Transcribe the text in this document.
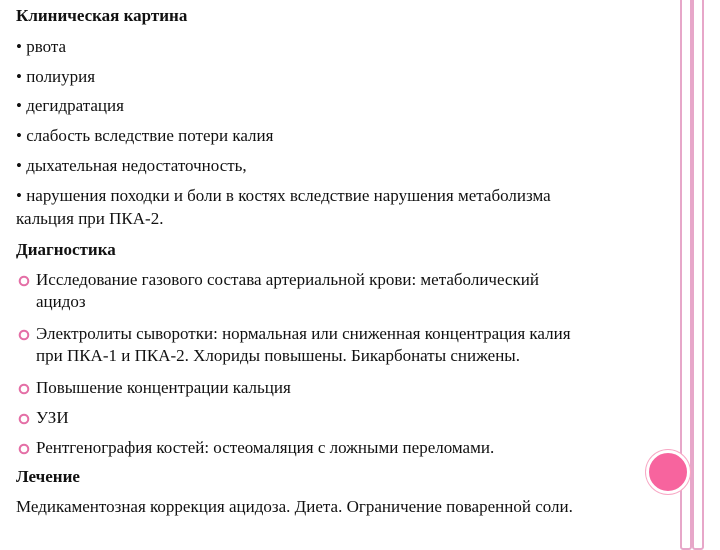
Клиническая картина
• рвота
• полиурия
• дегидратация
• слабость вследствие потери калия
• дыхательная недостаточность,
• нарушения походки и боли в костях вследствие нарушения метаболизма
кальция при ПКА-2.
Диагностика
Исследование газового состава артериальной крови: метаболический
ацидоз
Электролиты сыворотки: нормальная или сниженная концентрация калия
при ПКА-1 и ПКА-2. Хлориды повышены. Бикарбонаты снижены.
Повышение концентрации кальция
УЗИ
Рентгенография костей: остеомаляция с ложными переломами.
Лечение
Медикаментозная коррекция ацидоза. Диета. Ограничение поваренной соли.
